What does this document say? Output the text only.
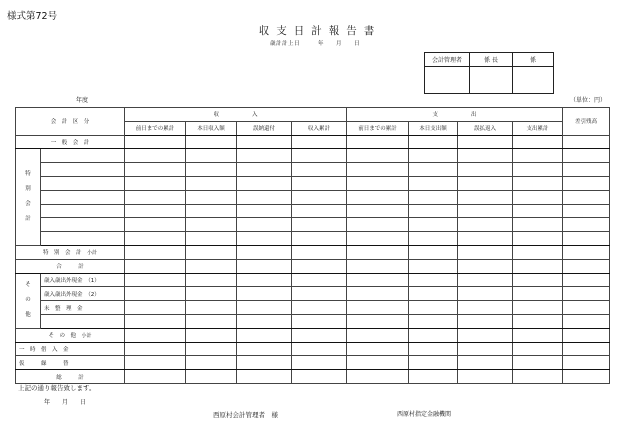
様式第72号
収支日計報告書
歳計計上日　　　年　　月　　日
会計管理者	係 長	係

年度	（単位：円）
会　計　区　分		収　　　　　　入				支　　　　　　出				差引残高
		前日までの累計	本日収入額	誤納還付	収入累計	前日までの累計	本日支出額	誤払返入	支出累計	
一　般　会　計										

特
別
会
計										

特　別　会　計　 小計										
合　　　計										

そ
の
他	歳入歳出外現金　（1）									
	歳入歳出外現金　（2）									
	未　整　理　金									

そ　の　他　 小計										
一　時　借　入　金										
仮　　　繰　　　替										
総　　　計										
上記の通り報告致します。
年　　月　　日
西原村会計管理者　様	西原村指定金融機関
